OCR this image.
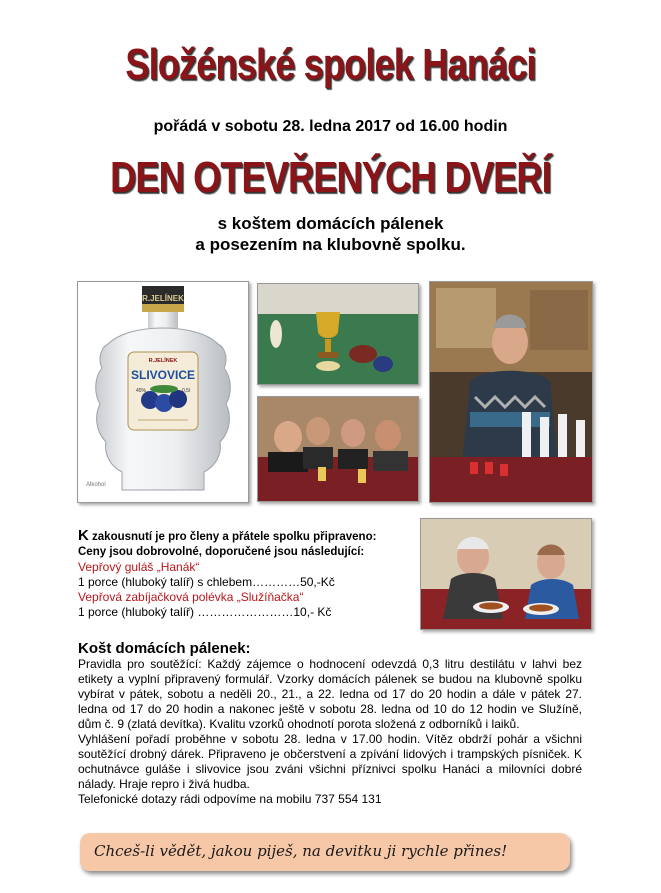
Složénské spolek Hanáci
pořádá v sobotu 28. ledna 2017 od 16.00 hodin
DEN OTEVŘENÝCH DVEŘÍ
s koštem domácích pálenek
a posezením na klubovně spolku.
R.JELÍNEK
R.JELÍNEK
SLIVOVICE
45%	0,5l
Alkohol
K zakousnutí je pro členy a přátele spolku připraveno:
Ceny jsou dobrovolné, doporučené jsou následující:
Vepřový guláš „Hanák“
1 porce (hluboký talíř) s chlebem…………50,-Kč
Vepřová zabíjačková polévka „Služíňačka“
1 porce (hluboký talíř) ……………………10,- Kč
Košt domácích pálenek:

Pravidla pro soutěžící: Každý zájemce o hodnocení odevzdá 0,3 litru destilátu v lahvi bez etikety a vyplní připravený formulář. Vzorky domácích pálenek se budou na klubovně spolku vybírat v pátek, sobotu a neděli 20., 21., a 22. ledna od 17 do 20 hodin a dále v pátek 27. ledna od 17 do 20 hodin a nakonec ještě v sobotu 28. ledna od 10 do 12 hodin ve Služíně, dům č. 9 (zlatá devítka). Kvalitu vzorků ohodnotí porota složená z odborníků i laiků.

Vyhlášení pořadí proběhne v sobotu 28. ledna v 17.00 hodin. Vítěz obdrží pohár a všichni soutěžící drobný dárek. Připraveno je občerstvení a zpívání lidových i trampských písniček. K ochutnávce guláše i slivovice jsou zváni všichni příznivci spolku Hanáci a milovníci dobré nálady. Hraje repro i živá hudba.

Telefonické dotazy rádi odpovíme na mobilu 737 554 131

Chceš-li vědět, jakou piješ, na devitku ji rychle přines!
